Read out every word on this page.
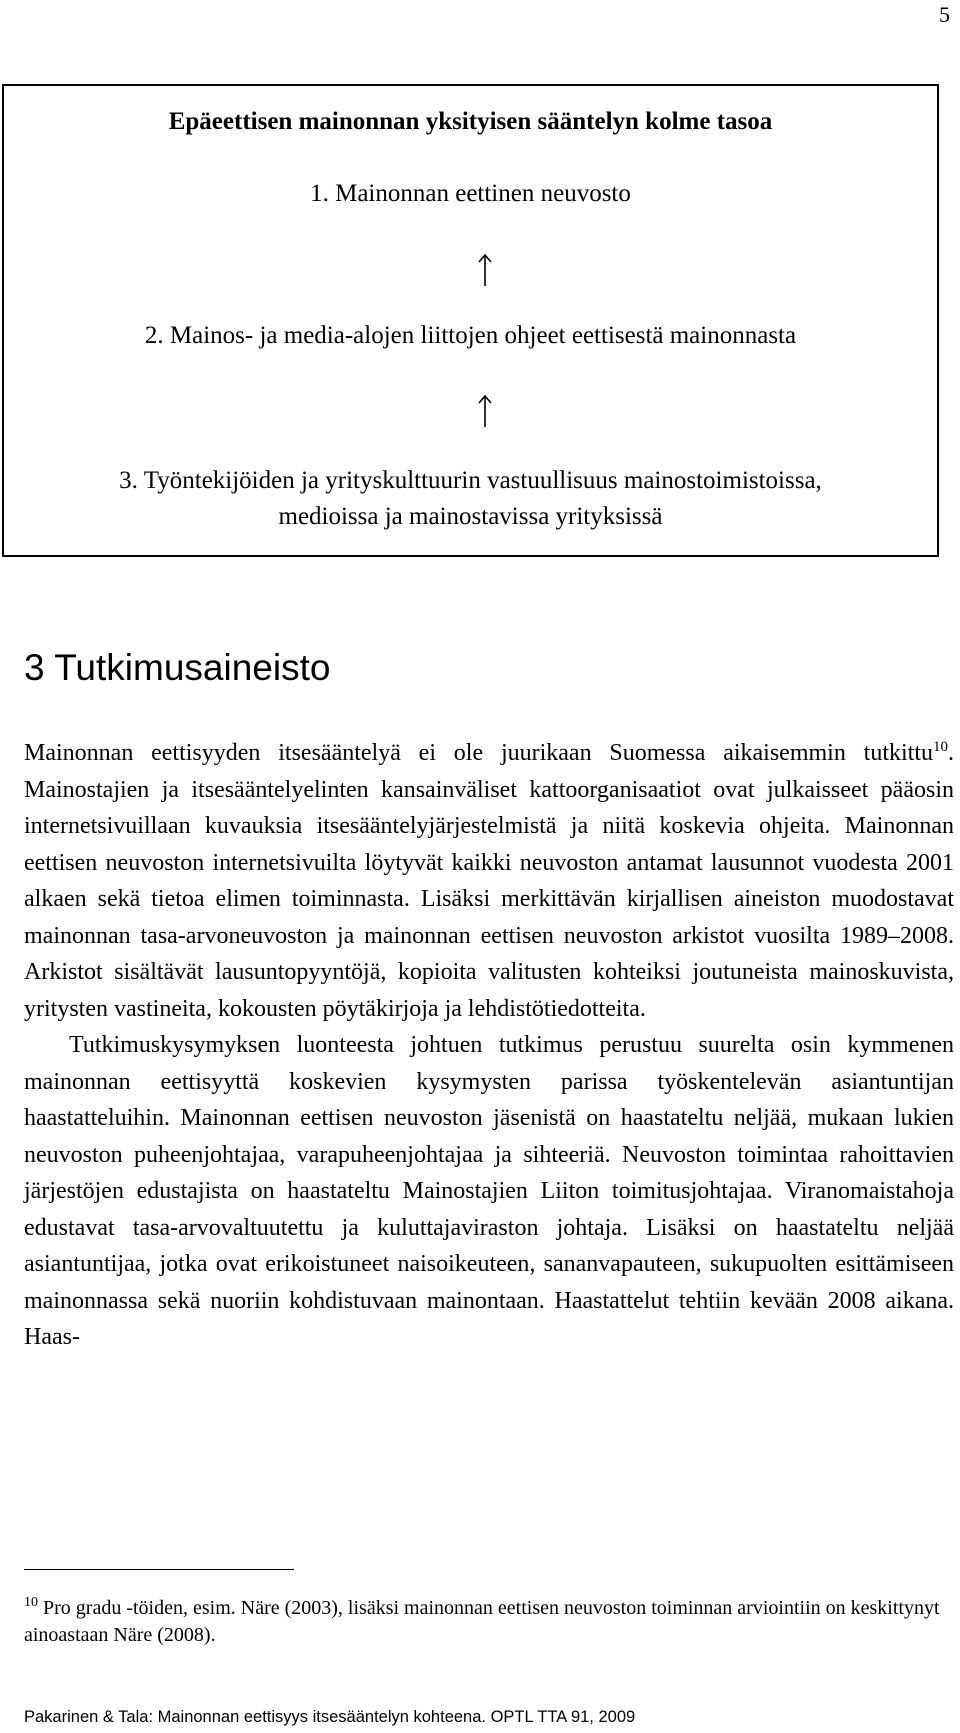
5
Epäeettisen mainonnan yksityisen sääntelyn kolme tasoa
1. Mainonnan eettinen neuvosto
2. Mainos- ja media-alojen liittojen ohjeet eettisestä mainonnasta
3. Työntekijöiden ja yrityskulttuurin vastuullisuus mainostoimistoissa,
medioissa ja mainostavissa yrityksissä
3 Tutkimusaineisto

Mainonnan eettisyyden itsesääntelyä ei ole juurikaan Suomessa aikaisemmin tutkittu$^{10}$. Mainostajien ja itsesääntelyelinten kansainväliset kattoorganisaatiot ovat julkaisseet pääosin internetsivuillaan kuvauksia itsesääntelyjärjestelmistä ja niitä koskevia ohjeita. Mainonnan eettisen neuvoston internetsivuilta löytyvät kaikki neuvoston antamat lausunnot vuodesta 2001 alkaen sekä tietoa elimen toiminnasta. Lisäksi merkittävän kirjallisen aineiston muodostavat mainonnan tasa-arvoneuvoston ja mainonnan eettisen neuvoston arkistot vuosilta 1989–2008. Arkistot sisältävät lausuntopyyntöjä, kopioita valitusten kohteiksi joutuneista mainoskuvista, yritysten vastineita, kokousten pöytäkirjoja ja lehdistötiedotteita.

Tutkimuskysymyksen luonteesta johtuen tutkimus perustuu suurelta osin kymmenen mainonnan eettisyyttä koskevien kysymysten parissa työskentelevän asiantuntijan haastatteluihin. Mainonnan eettisen neuvoston jäsenistä on haastateltu neljää, mukaan lukien neuvoston puheenjohtajaa, varapuheenjohtajaa ja sihteeriä. Neuvoston toimintaa rahoittavien järjestöjen edustajista on haastateltu Mainostajien Liiton toimitusjohtajaa. Viranomaistahoja edustavat tasa-arvovaltuutettu ja kuluttajaviraston johtaja. Lisäksi on haastateltu neljää asiantuntijaa, jotka ovat erikoistuneet naisoikeuteen, sananvapauteen, sukupuolten esittämiseen mainonnassa sekä nuoriin kohdistuvaan mainontaan. Haastattelut tehtiin kevään 2008 aikana. Haas-

$^{10}$ Pro gradu -töiden, esim. Näre (2003), lisäksi mainonnan eettisen neuvoston toiminnan arviointiin on keskittynyt ainoastaan Näre (2008).

Pakarinen & Tala: Mainonnan eettisyys itsesääntelyn kohteena. OPTL TTA 91, 2009
